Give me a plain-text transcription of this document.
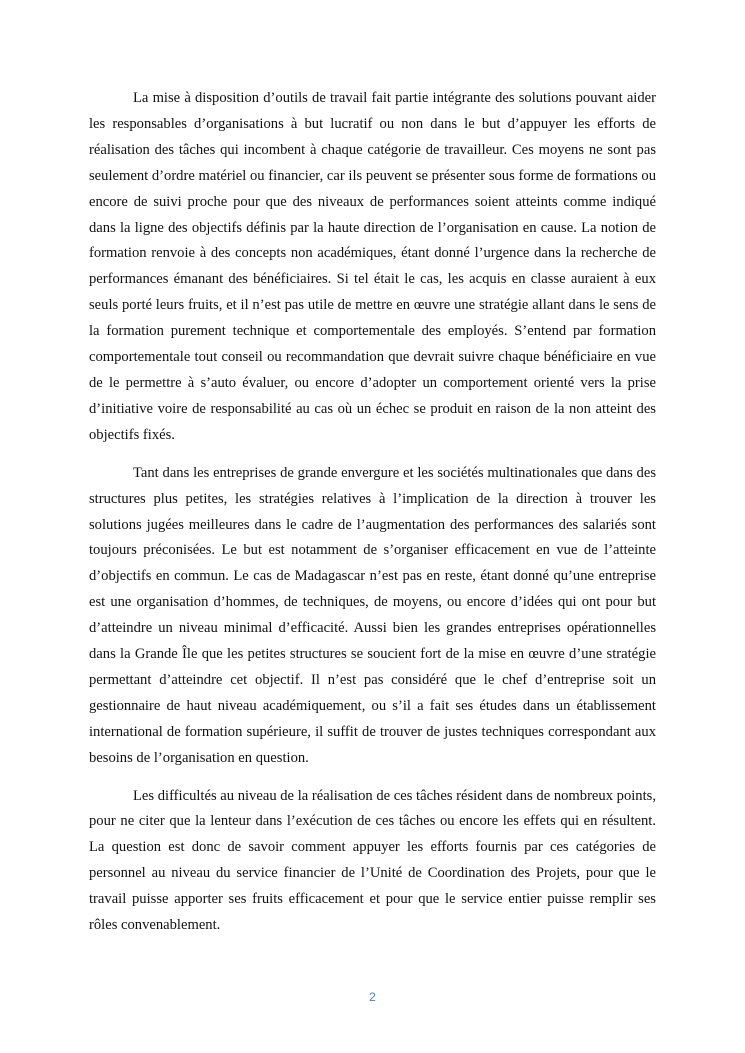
La mise à disposition d’outils de travail fait partie intégrante des solutions pouvant aider les responsables d’organisations à but lucratif ou non dans le but d’appuyer les efforts de réalisation des tâches qui incombent à chaque catégorie de travailleur. Ces moyens ne sont pas seulement d’ordre matériel ou financier, car ils peuvent se présenter sous forme de formations ou encore de suivi proche pour que des niveaux de performances soient atteints comme indiqué dans la ligne des objectifs définis par la haute direction de l’organisation en cause. La notion de formation renvoie à des concepts non académiques, étant donné l’urgence dans la recherche de performances émanant des bénéficiaires. Si tel était le cas, les acquis en classe auraient à eux seuls porté leurs fruits, et il n’est pas utile de mettre en œuvre une stratégie allant dans le sens de la formation purement technique et comportementale des employés. S’entend par formation comportementale tout conseil ou recommandation que devrait suivre chaque bénéficiaire en vue de le permettre à s’auto évaluer, ou encore d’adopter un comportement orienté vers la prise d’initiative voire de responsabilité au cas où un échec se produit en raison de la non atteint des objectifs fixés.

Tant dans les entreprises de grande envergure et les sociétés multinationales que dans des structures plus petites, les stratégies relatives à l’implication de la direction à trouver les solutions jugées meilleures dans le cadre de l’augmentation des performances des salariés sont toujours préconisées. Le but est notamment de s’organiser efficacement en vue de l’atteinte d’objectifs en commun. Le cas de Madagascar n’est pas en reste, étant donné qu’une entreprise est une organisation d’hommes, de techniques, de moyens, ou encore d’idées qui ont pour but d’atteindre un niveau minimal d’efficacité. Aussi bien les grandes entreprises opérationnelles dans la Grande Île que les petites structures se soucient fort de la mise en œuvre d’une stratégie permettant d’atteindre cet objectif. Il n’est pas considéré que le chef d’entreprise soit un gestionnaire de haut niveau académiquement, ou s’il a fait ses études dans un établissement international de formation supérieure, il suffit de trouver de justes techniques correspondant aux besoins de l’organisation en question.

Les difficultés au niveau de la réalisation de ces tâches résident dans de nombreux points, pour ne citer que la lenteur dans l’exécution de ces tâches ou encore les effets qui en résultent. La question est donc de savoir comment appuyer les efforts fournis par ces catégories de personnel au niveau du service financier de l’Unité de Coordination des Projets, pour que le travail puisse apporter ses fruits efficacement et pour que le service entier puisse remplir ses rôles convenablement.

2
